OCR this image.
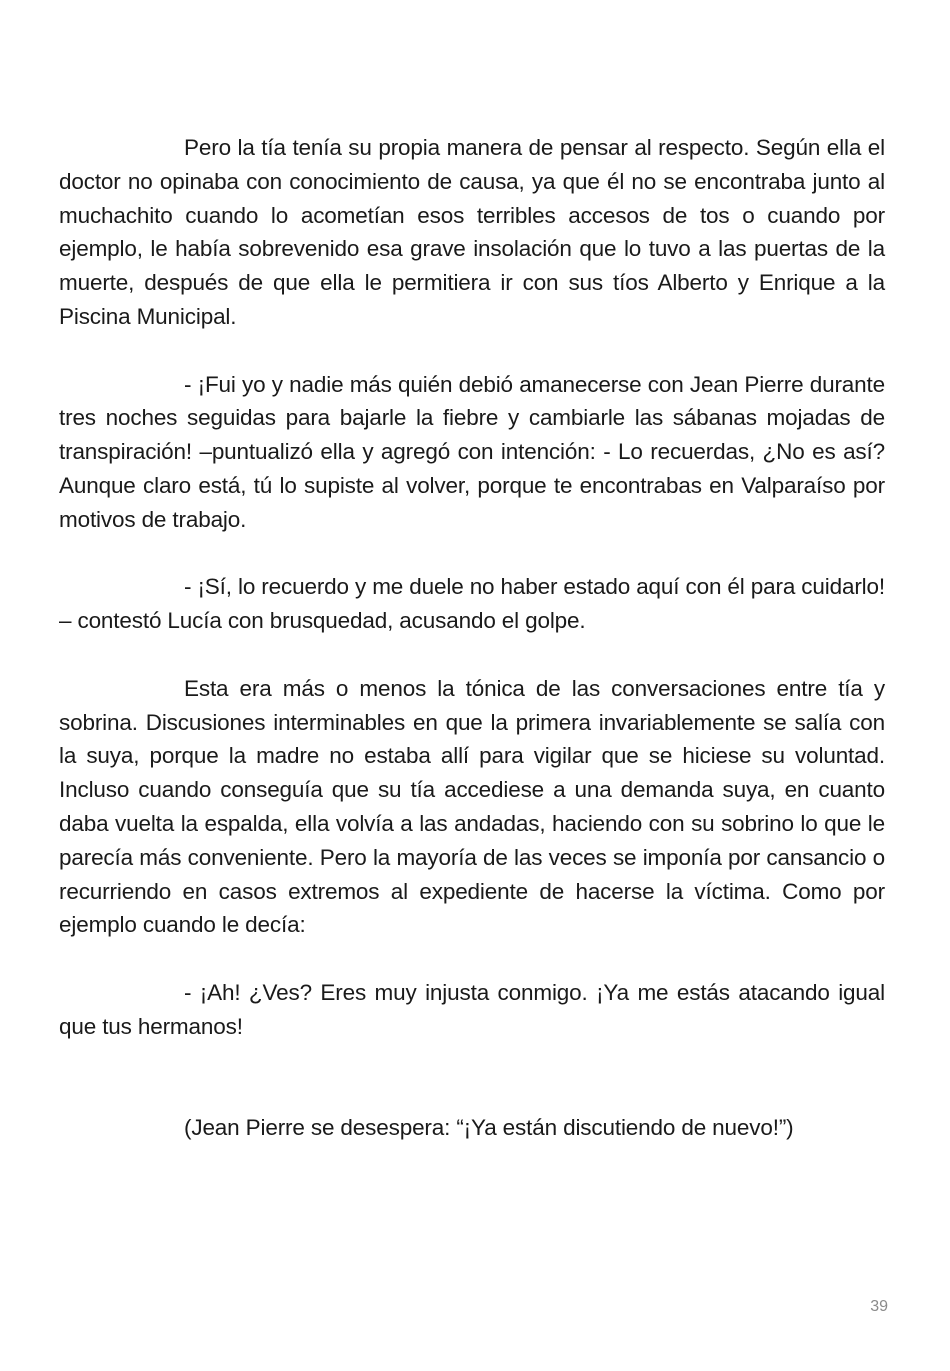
Pero la tía tenía su propia manera de pensar al respecto. Según ella el doctor no opinaba con conocimiento de causa, ya que él no se encontraba junto al muchachito cuando lo acometían esos terribles accesos de tos o cuando por ejemplo, le había sobrevenido esa grave insolación que lo tuvo a las puertas de la muerte, después de que ella le permitiera ir con sus tíos Alberto y Enrique a la Piscina Municipal.

- ¡Fui yo y nadie más quién debió amanecerse con Jean Pierre durante tres noches seguidas para bajarle la fiebre y cambiarle las sábanas mojadas de transpiración! –puntualizó ella y agregó con intención: - Lo recuerdas, ¿No es así? Aunque claro está, tú lo supiste al volver, porque te encontrabas en Valparaíso por motivos de trabajo.

- ¡Sí, lo recuerdo y me duele no haber estado aquí con él para cuidarlo! – contestó Lucía con brusquedad, acusando el golpe.

Esta era más o menos la tónica de las conversaciones entre tía y sobrina. Discusiones interminables en que la primera invariablemente se salía con la suya, porque la madre no estaba allí para vigilar que se hiciese su voluntad. Incluso cuando conseguía que su tía accediese a una demanda suya, en cuanto daba vuelta la espalda, ella volvía a las andadas, haciendo con su sobrino lo que le parecía más conveniente. Pero la mayoría de las veces se imponía por cansancio o recurriendo en casos extremos al expediente de hacerse la víctima. Como por ejemplo cuando le decía:

- ¡Ah! ¿Ves? Eres muy injusta conmigo. ¡Ya me estás atacando igual que tus hermanos!

(Jean Pierre se desespera: “¡Ya están discutiendo de nuevo!”)

39
